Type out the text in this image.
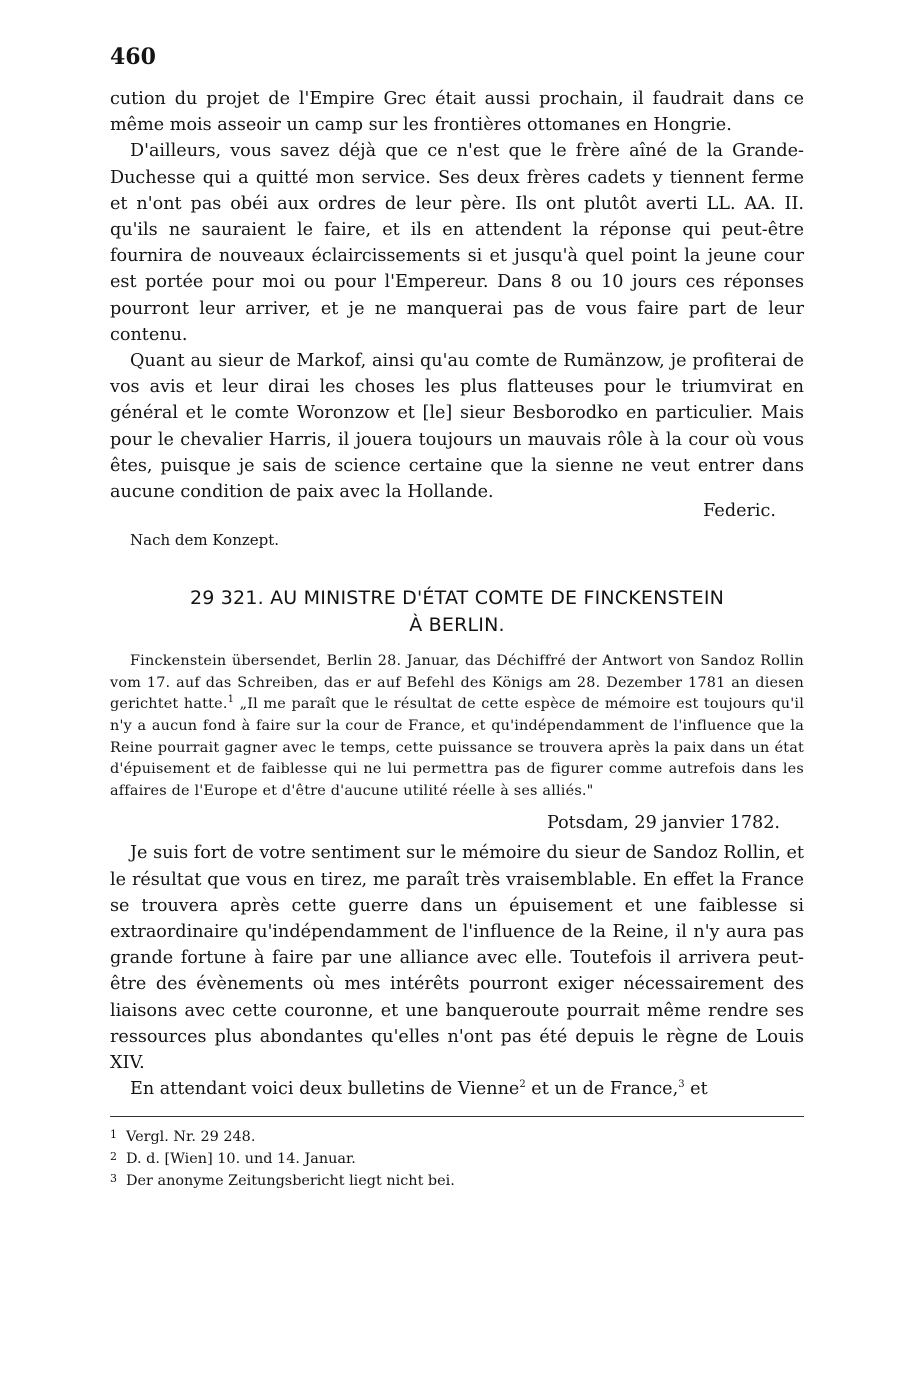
460

cution du projet de l'Empire Grec était aussi prochain, il faudrait dans ce même mois asseoir un camp sur les frontières ottomanes en Hongrie.

D'ailleurs, vous savez déjà que ce n'est que le frère aîné de la Grande-Duchesse qui a quitté mon service. Ses deux frères cadets y tiennent ferme et n'ont pas obéi aux ordres de leur père. Ils ont plutôt averti LL. AA. II. qu'ils ne sauraient le faire, et ils en attendent la réponse qui peut-être fournira de nouveaux éclaircissements si et jusqu'à quel point la jeune cour est portée pour moi ou pour l'Empereur. Dans 8 ou 10 jours ces réponses pourront leur arriver, et je ne manquerai pas de vous faire part de leur contenu.

Quant au sieur de Markof, ainsi qu'au comte de Rumänzow, je profiterai de vos avis et leur dirai les choses les plus flatteuses pour le triumvirat en général et le comte Woronzow et [le] sieur Besborodko en particulier. Mais pour le chevalier Harris, il jouera toujours un mauvais rôle à la cour où vous êtes, puisque je sais de science certaine que la sienne ne veut entrer dans aucune condition de paix avec la Hollande.

Federic.
Nach dem Konzept.
29 321. AU MINISTRE D'ÉTAT COMTE DE FINCKENSTEIN
À BERLIN.

Finckenstein übersendet, Berlin 28. Januar, das Déchiffré der Antwort von Sandoz Rollin vom 17. auf das Schreiben, das er auf Befehl des Königs am 28. Dezember 1781 an diesen gerichtet hatte.$^1$ „Il me paraît que le résultat de cette espèce de mémoire est toujours qu'il n'y a aucun fond à faire sur la cour de France, et qu'indépendamment de l'influence que la Reine pourrait gagner avec le temps, cette puissance se trouvera après la paix dans un état d'épuisement et de faiblesse qui ne lui permettra pas de figurer comme autrefois dans les affaires de l'Europe et d'être d'aucune utilité réelle à ses alliés."

Potsdam, 29 janvier 1782.

Je suis fort de votre sentiment sur le mémoire du sieur de Sandoz Rollin, et le résultat que vous en tirez, me paraît très vraisemblable. En effet la France se trouvera après cette guerre dans un épuisement et une faiblesse si extraordinaire qu'indépendamment de l'influence de la Reine, il n'y aura pas grande fortune à faire par une alliance avec elle. Toutefois il arrivera peut-être des évènements où mes intérêts pourront exiger nécessairement des liaisons avec cette couronne, et une banqueroute pourrait même rendre ses ressources plus abondantes qu'elles n'ont pas été depuis le règne de Louis XIV.

En attendant voici deux bulletins de Vienne$^2$ et un de France,$^3$ et

1 Vergl. Nr. 29 248.
2 D. d. [Wien] 10. und 14. Januar.
3 Der anonyme Zeitungsbericht liegt nicht bei.
